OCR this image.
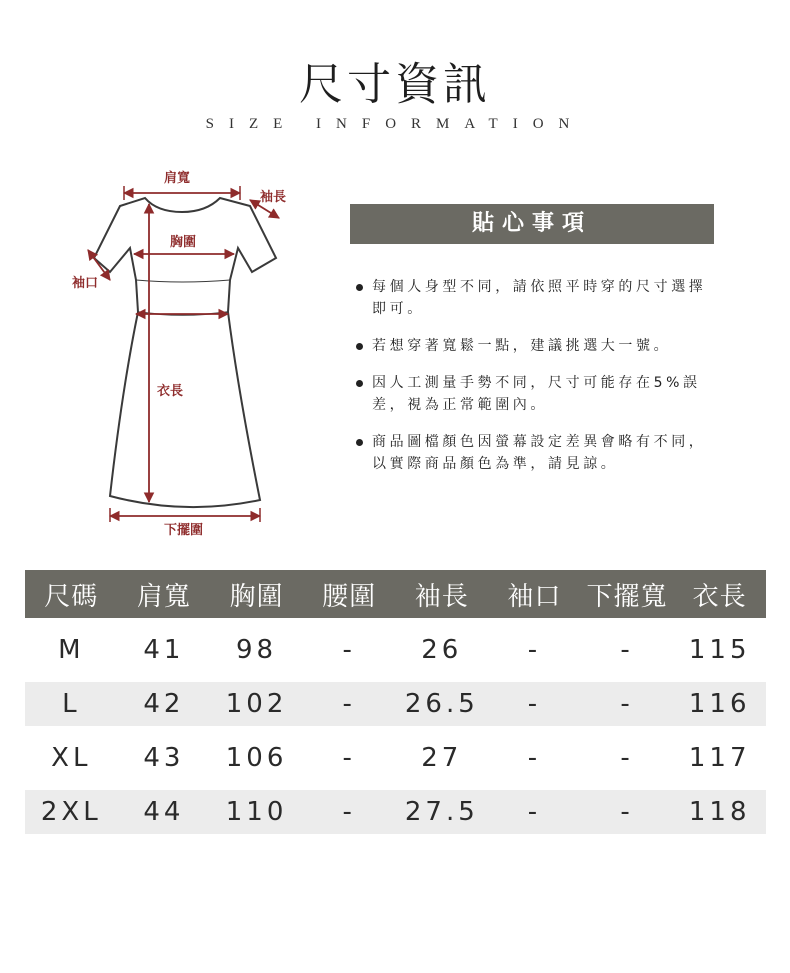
尺寸資訊
SIZE INFORMATION
肩寬
袖長
胸圍
袖口
衣長
下擺圍
貼心事項
每個人身型不同，請依照平時穿的尺寸選擇即可。
若想穿著寬鬆一點，建議挑選大一號。
因人工測量手勢不同，尺寸可能存在5%誤差，視為正常範圍內。
商品圖檔顏色因螢幕設定差異會略有不同，以實際商品顏色為準，請見諒。
尺碼	肩寬	胸圍	腰圍	袖長	袖口	下擺寬	衣長

M	41	98	-	26	-	-	115

L	42	102	-	26.5	-	-	116

XL	43	106	-	27	-	-	117

2XL	44	110	-	27.5	-	-	118
